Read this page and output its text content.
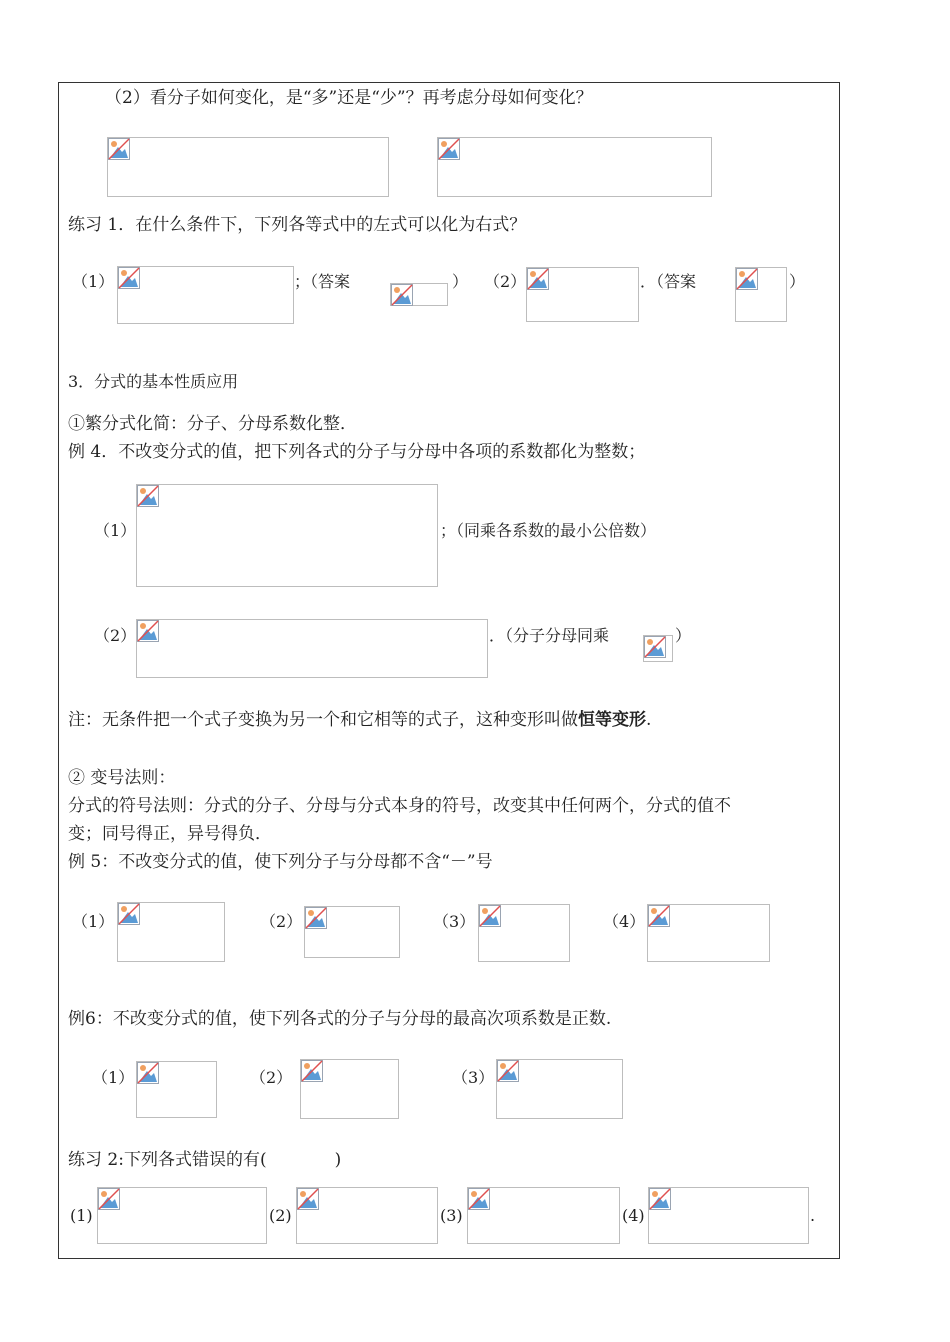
（2）看分子如何变化，是“多”还是“少”？再考虑分母如何变化？
练习 1．在什么条件下，下列各等式中的左式可以化为右式？
（1）	；（答案	） （2）	．（答案	）
3．分式的基本性质应用
①繁分式化简：分子、分母系数化整．
例 4．不改变分式的值，把下列各式的分子与分母中各项的系数都化为整数；
（1）	；（同乘各系数的最小公倍数）
（2）	．（分子分母同乘	）
注：无条件把一个式子变换为另一个和它相等的式子，这种变形叫做恒等变形.
② 变号法则：
分式的符号法则：分式的分子、分母与分式本身的符号，改变其中任何两个，分式的值不
变；同号得正，异号得负．
例 5：不改变分式的值，使下列分子与分母都不含“－”号
（1）	（2）	（3）	（4）
例6：不改变分式的值，使下列各式的分子与分母的最高次项系数是正数.
（1）	（2）	（3）
练习 2:下列各式错误的有(　　　　)
(1)	(2)	(3)	(4)	.
